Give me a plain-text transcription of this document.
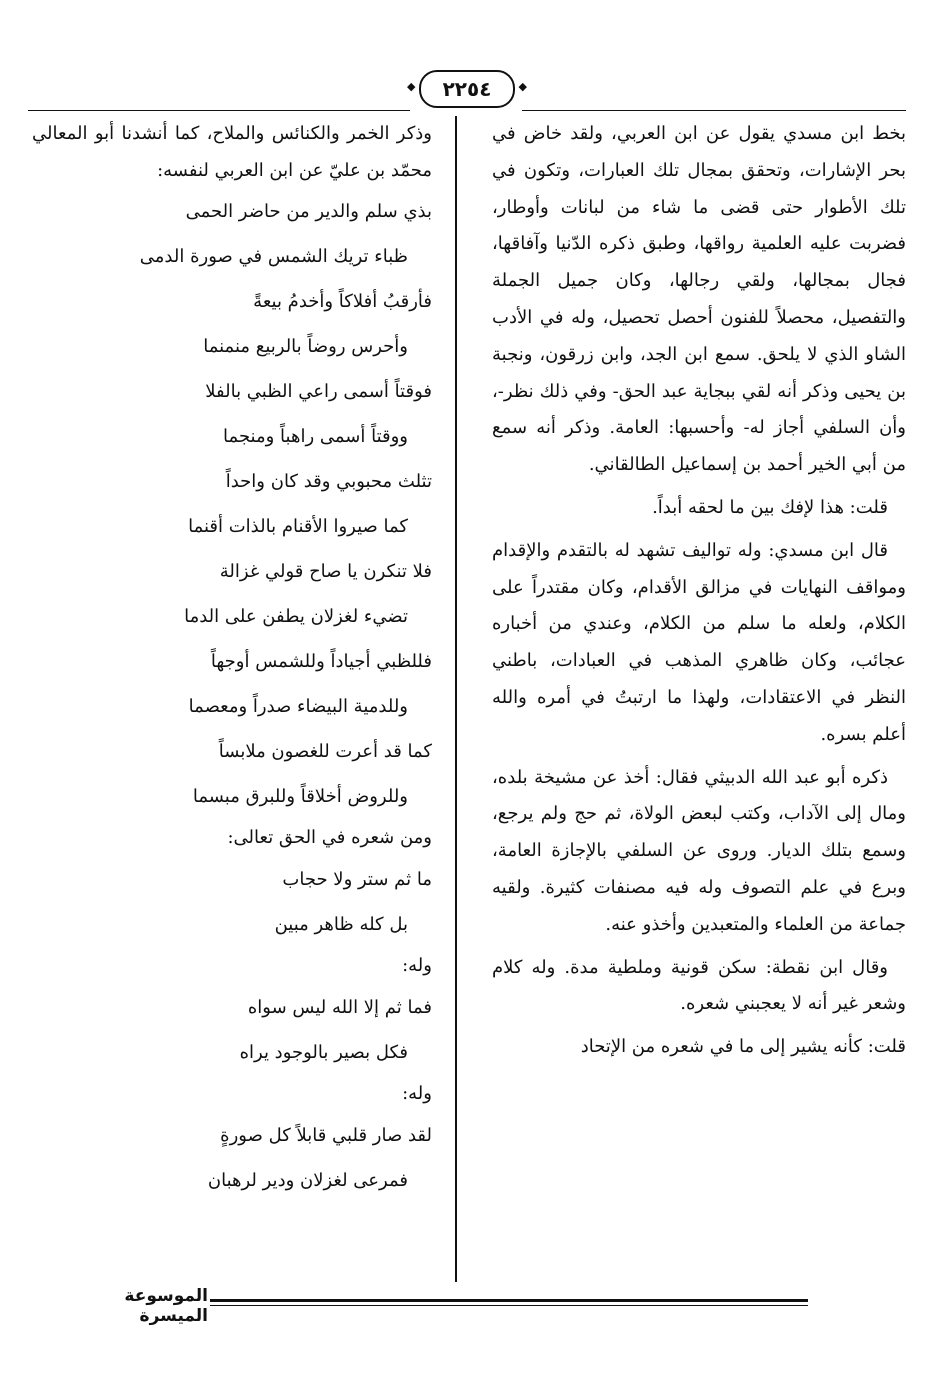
◆ ٢٢٥٤ ◆

بخط ابن مسدي يقول عن ابن العربي، ولقد خاض في بحر الإشارات، وتحقق بمجال تلك العبارات، وتكون في تلك الأطوار حتى قضى ما شاء من لبانات وأوطار، فضربت عليه العلمية رواقها، وطبق ذكره الدّنيا وآفاقها، فجال بمجالها، ولقي رجالها، وكان جميل الجملة والتفصيل، محصلاً للفنون أحصل تحصيل، وله في الأدب الشاو الذي لا يلحق. سمع ابن الجد، وابن زرقون، ونجبة بن يحيى وذكر أنه لقي ببجاية عبد الحق- وفي ذلك نظر-، وأن السلفي أجاز له- وأحسبها: العامة. وذكر أنه سمع من أبي الخير أحمد بن إسماعيل الطالقاني.

قلت: هذا لإفك بين ما لحقه أبداً.

قال ابن مسدي: وله تواليف تشهد له بالتقدم والإقدام ومواقف النهايات في مزالق الأقدام، وكان مقتدراً على الكلام، ولعله ما سلم من الكلام، وعندي من أخباره عجائب، وكان ظاهري المذهب في العبادات، باطني النظر في الاعتقادات، ولهذا ما ارتبتُ في أمره والله أعلم بسره.

ذكره أبو عبد الله الدبيثي فقال: أخذ عن مشيخة بلده، ومال إلى الآداب، وكتب لبعض الولاة، ثم حج ولم يرجع، وسمع بتلك الديار. وروى عن السلفي بالإجازة العامة، وبرع في علم التصوف وله فيه مصنفات كثيرة. ولقيه جماعة من العلماء والمتعبدين وأخذو عنه.

وقال ابن نقطة: سكن قونية وملطية مدة. وله كلام وشعر غير أنه لا يعجبني شعره.

قلت: كأنه يشير إلى ما في شعره من الإتحاد

وذكر الخمر والكنائس والملاح، كما أنشدنا أبو المعالي محمّد بن عليّ عن ابن العربي لنفسه:

بذي سلم والدير من حاضر الحمى
ظباء تريك الشمس في صورة الدمى
فأرقبُ أفلاكاً وأخدمُ بيعةً
وأحرس روضاً بالربيع منمنما
فوقتاً أسمى راعي الظبي بالفلا
ووقتاً أسمى راهباً ومنجما
تثلث محبوبي وقد كان واحداً
كما صيروا الأقنام بالذات أقنما
فلا تنكرن يا صاح قولي غزالة
تضيء لغزلان يطفن على الدما
فللظبي أجياداً وللشمس أوجهاً
وللدمية البيضاء صدراً ومعصما
كما قد أعرت للغصون ملابساً
وللروض أخلاقاً وللبرق مبسما
ومن شعره في الحق تعالى:
ما ثم ستر ولا حجاب
بل كله ظاهر مبين
وله:
فما ثم إلا الله ليس سواه
فكل بصير بالوجود يراه
وله:
لقد صار قلبي قابلاً كل صورةٍ
فمرعى لغزلان ودير لرهبان
الموسوعة الميسرة
